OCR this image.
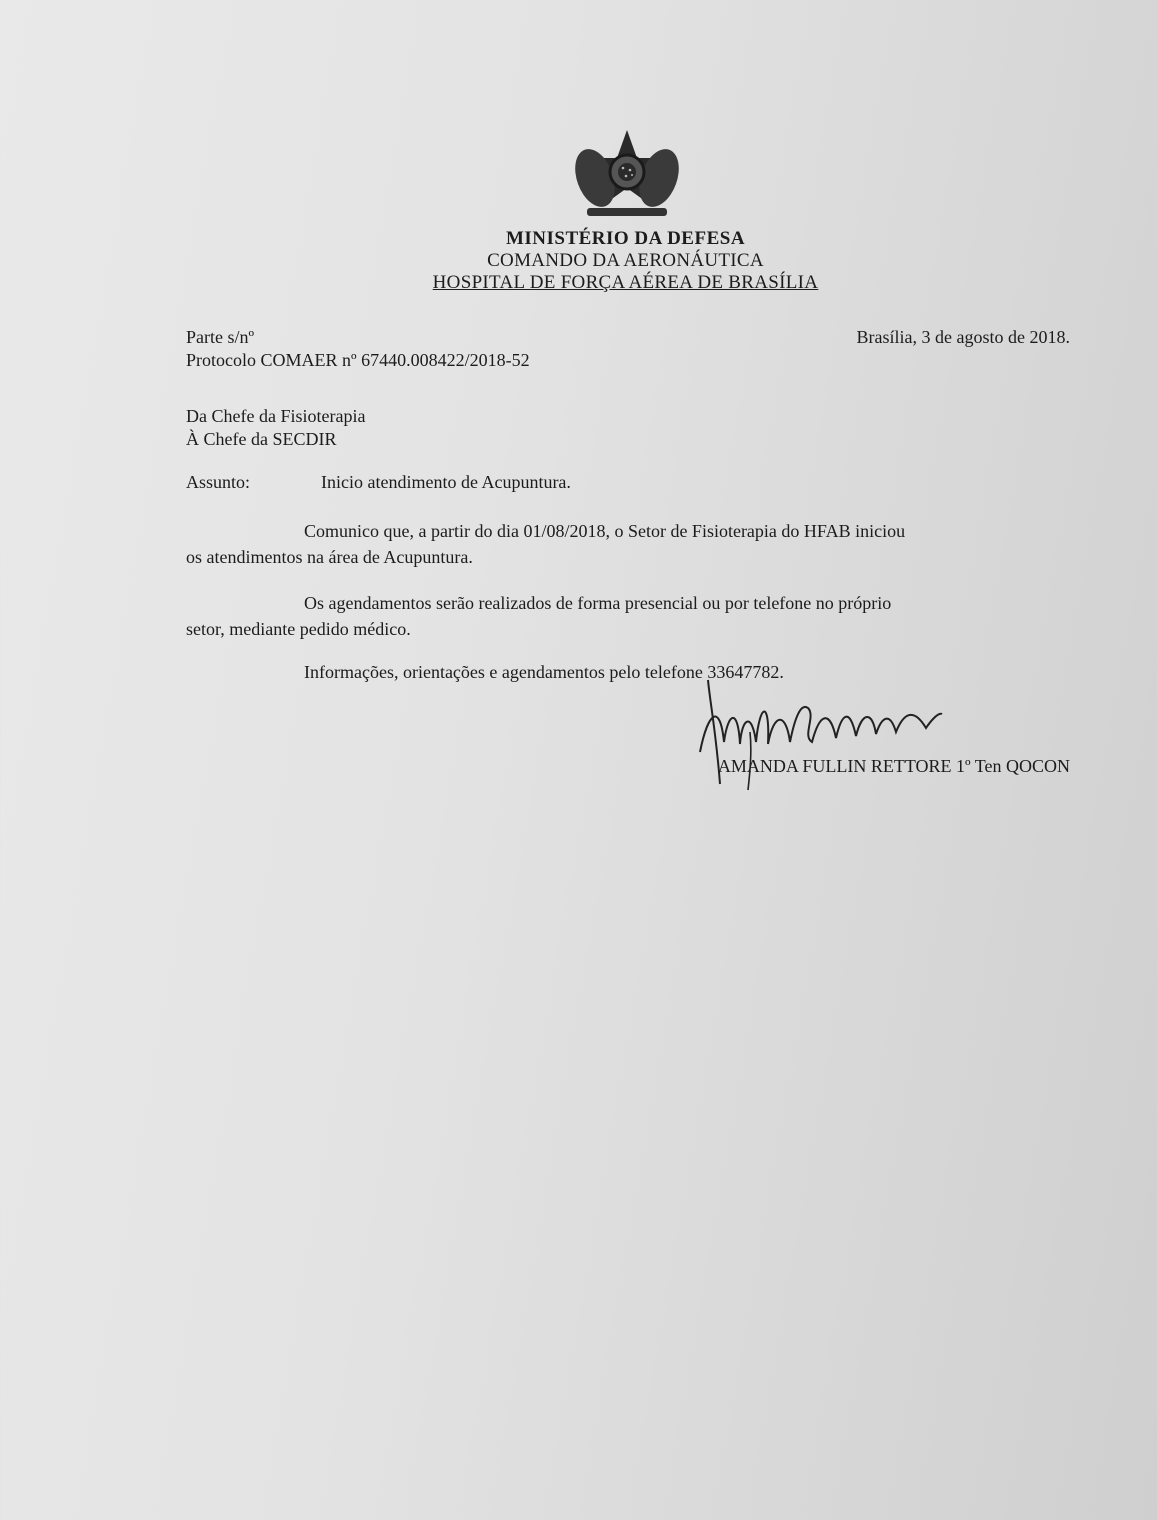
MINISTÉRIO DA DEFESA
COMANDO DA AERONÁUTICA
HOSPITAL DE FORÇA AÉREA DE BRASÍLIA
Parte s/nº
Protocolo COMAER nº 67440.008422/2018-52
Brasília, 3 de agosto de 2018.
Da Chefe da Fisioterapia
À Chefe da SECDIR
Assunto:	Inicio atendimento de Acupuntura.
Comunico que, a partir do dia 01/08/2018, o Setor de Fisioterapia do HFAB iniciou
os atendimentos na área de Acupuntura.
Os agendamentos serão realizados de forma presencial ou por telefone no próprio
setor, mediante pedido médico.
Informações, orientações e agendamentos pelo telefone 33647782.
AMANDA FULLIN RETTORE 1º Ten QOCON
